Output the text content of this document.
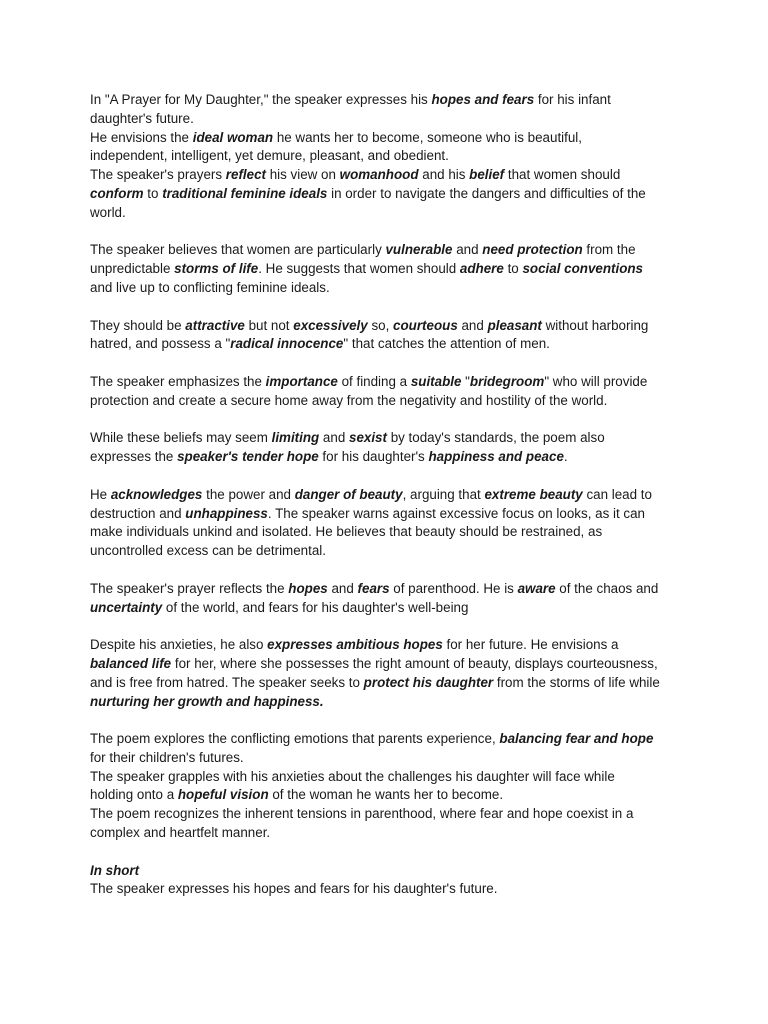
In "A Prayer for My Daughter," the speaker expresses his hopes and fears for his infant
daughter's future.
He envisions the ideal woman he wants her to become, someone who is beautiful,
independent, intelligent, yet demure, pleasant, and obedient.
The speaker's prayers reflect his view on womanhood and his belief that women should
conform to traditional feminine ideals in order to navigate the dangers and difficulties of the
world.
The speaker believes that women are particularly vulnerable and need protection from the
unpredictable storms of life. He suggests that women should adhere to social conventions
and live up to conflicting feminine ideals.
They should be attractive but not excessively so, courteous and pleasant without harboring
hatred, and possess a "radical innocence" that catches the attention of men.
The speaker emphasizes the importance of finding a suitable "bridegroom" who will provide
protection and create a secure home away from the negativity and hostility of the world.
While these beliefs may seem limiting and sexist by today's standards, the poem also
expresses the speaker's tender hope for his daughter's happiness and peace.
He acknowledges the power and danger of beauty, arguing that extreme beauty can lead to
destruction and unhappiness. The speaker warns against excessive focus on looks, as it can
make individuals unkind and isolated. He believes that beauty should be restrained, as
uncontrolled excess can be detrimental.
The speaker's prayer reflects the hopes and fears of parenthood. He is aware of the chaos and
uncertainty of the world, and fears for his daughter's well-being
Despite his anxieties, he also expresses ambitious hopes for her future. He envisions a
balanced life for her, where she possesses the right amount of beauty, displays courteousness,
and is free from hatred. The speaker seeks to protect his daughter from the storms of life while
nurturing her growth and happiness.
The poem explores the conflicting emotions that parents experience, balancing fear and hope
for their children's futures.
The speaker grapples with his anxieties about the challenges his daughter will face while
holding onto a hopeful vision of the woman he wants her to become.
The poem recognizes the inherent tensions in parenthood, where fear and hope coexist in a
complex and heartfelt manner.
In short
The speaker expresses his hopes and fears for his daughter's future.
